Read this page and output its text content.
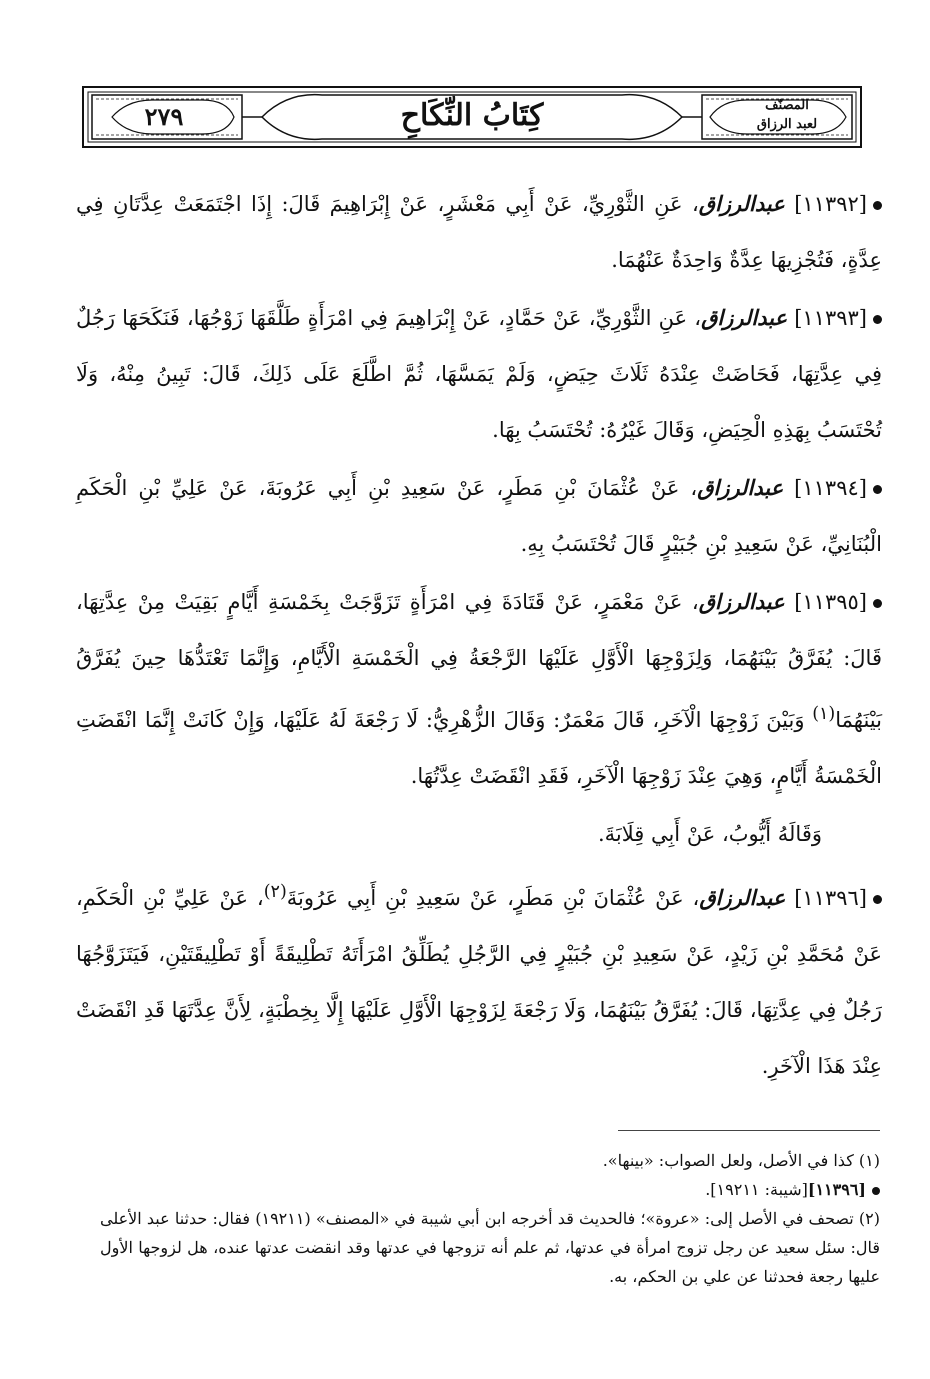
كِتَابُ النِّكَاحِ
٢٧٩	المصنّف
لعبد الرزاق

[١١٣٩٢] عبدالرزاق، عَنِ الثَّوْرِيِّ، عَنْ أَبِي مَعْشَرٍ، عَنْ إِبْرَاهِيمَ قَالَ: إِذَا اجْتَمَعَتْ عِدَّتَانِ فِي عِدَّةٍ، فَتُجْزِيهَا عِدَّةٌ وَاحِدَةٌ عَنْهُمَا.

[١١٣٩٣] عبدالرزاق، عَنِ الثَّوْرِيِّ، عَنْ حَمَّادٍ، عَنْ إِبْرَاهِيمَ فِي امْرَأَةٍ طَلَّقَهَا زَوْجُهَا، فَنَكَحَهَا رَجُلٌ فِي عِدَّتِهَا، فَحَاضَتْ عِنْدَهُ ثَلَاثَ حِيَضٍ، وَلَمْ يَمَسَّهَا، ثُمَّ اطَّلَعَ عَلَى ذَلِكَ، قَالَ: تَبِينُ مِنْهُ، وَلَا تُحْتَسَبُ بِهَذِهِ الْحِيَضِ، وَقَالَ غَيْرُهُ: تُحْتَسَبُ بِهَا.

[١١٣٩٤] عبدالرزاق، عَنْ عُثْمَانَ بْنِ مَطَرٍ، عَنْ سَعِيدِ بْنِ أَبِي عَرُوبَةَ، عَنْ عَلِيِّ بْنِ الْحَكَمِ الْبُنَانِيِّ، عَنْ سَعِيدِ بْنِ جُبَيْرٍ قَالَ تُحْتَسَبُ بِهِ.

[١١٣٩٥] عبدالرزاق، عَنْ مَعْمَرٍ، عَنْ قَتَادَةَ فِي امْرَأَةٍ تَزَوَّجَتْ بِخَمْسَةِ أَيَّامٍ بَقِيَتْ مِنْ عِدَّتِهَا، قَالَ: يُفَرَّقُ بَيْنَهُمَا، وَلِزَوْجِهَا الْأَوَّلِ عَلَيْهَا الرَّجْعَةُ فِي الْخَمْسَةِ الْأَيَّامِ، وَإِنَّمَا تَعْتَدُّهَا حِينَ يُفَرَّقُ بَيْنَهُمَا$^{(١)}$ وَبَيْنَ زَوْجِهَا الْآخَرِ، قَالَ مَعْمَرٌ: وَقَالَ الزُّهْرِيُّ: لَا رَجْعَةَ لَهُ عَلَيْهَا، وَإِنْ كَانَتْ إِنَّمَا انْقَضَتِ الْخَمْسَةُ أَيَّامٍ، وَهِيَ عِنْدَ زَوْجِهَا الْآخَرِ، فَقَدِ انْقَضَتْ عِدَّتُهَا.

وَقَالَهُ أَيُّوبُ، عَنْ أَبِي قِلَابَةَ.

[١١٣٩٦] عبدالرزاق، عَنْ عُثْمَانَ بْنِ مَطَرٍ، عَنْ سَعِيدِ بْنِ أَبِي عَرُوبَةَ$^{(٢)}$، عَنْ عَلِيِّ بْنِ الْحَكَمِ، عَنْ مُحَمَّدِ بْنِ زَيْدٍ، عَنْ سَعِيدِ بْنِ جُبَيْرٍ فِي الرَّجُلِ يُطَلِّقُ امْرَأَتَهُ تَطْلِيقَةً أَوْ تَطْلِيقَتَيْنِ، فَيَتَزَوَّجُهَا رَجُلٌ فِي عِدَّتِهَا، قَالَ: يُفَرَّقُ بَيْنَهُمَا، وَلَا رَجْعَةَ لِزَوْجِهَا الْأَوَّلِ عَلَيْهَا إِلَّا بِخِطْبَةٍ، لِأَنَّ عِدَّتَهَا قَدِ انْقَضَتْ عِنْدَ هَذَا الْآخَرِ.

(١) كذا في الأصل، ولعل الصواب: «بينها».

[١١٣٩٦][شيبة: ١٩٢١١].

(٢) تصحف في الأصل إلى: «عروة»؛ فالحديث قد أخرجه ابن أبي شيبة في «المصنف» (١٩٢١١) فقال: حدثنا عبد الأعلى قال: سئل سعيد عن رجل تزوج امرأة في عدتها، ثم علم أنه تزوجها في عدتها وقد انقضت عدتها عنده، هل لزوجها الأول عليها رجعة فحدثنا عن علي بن الحكم، به.
